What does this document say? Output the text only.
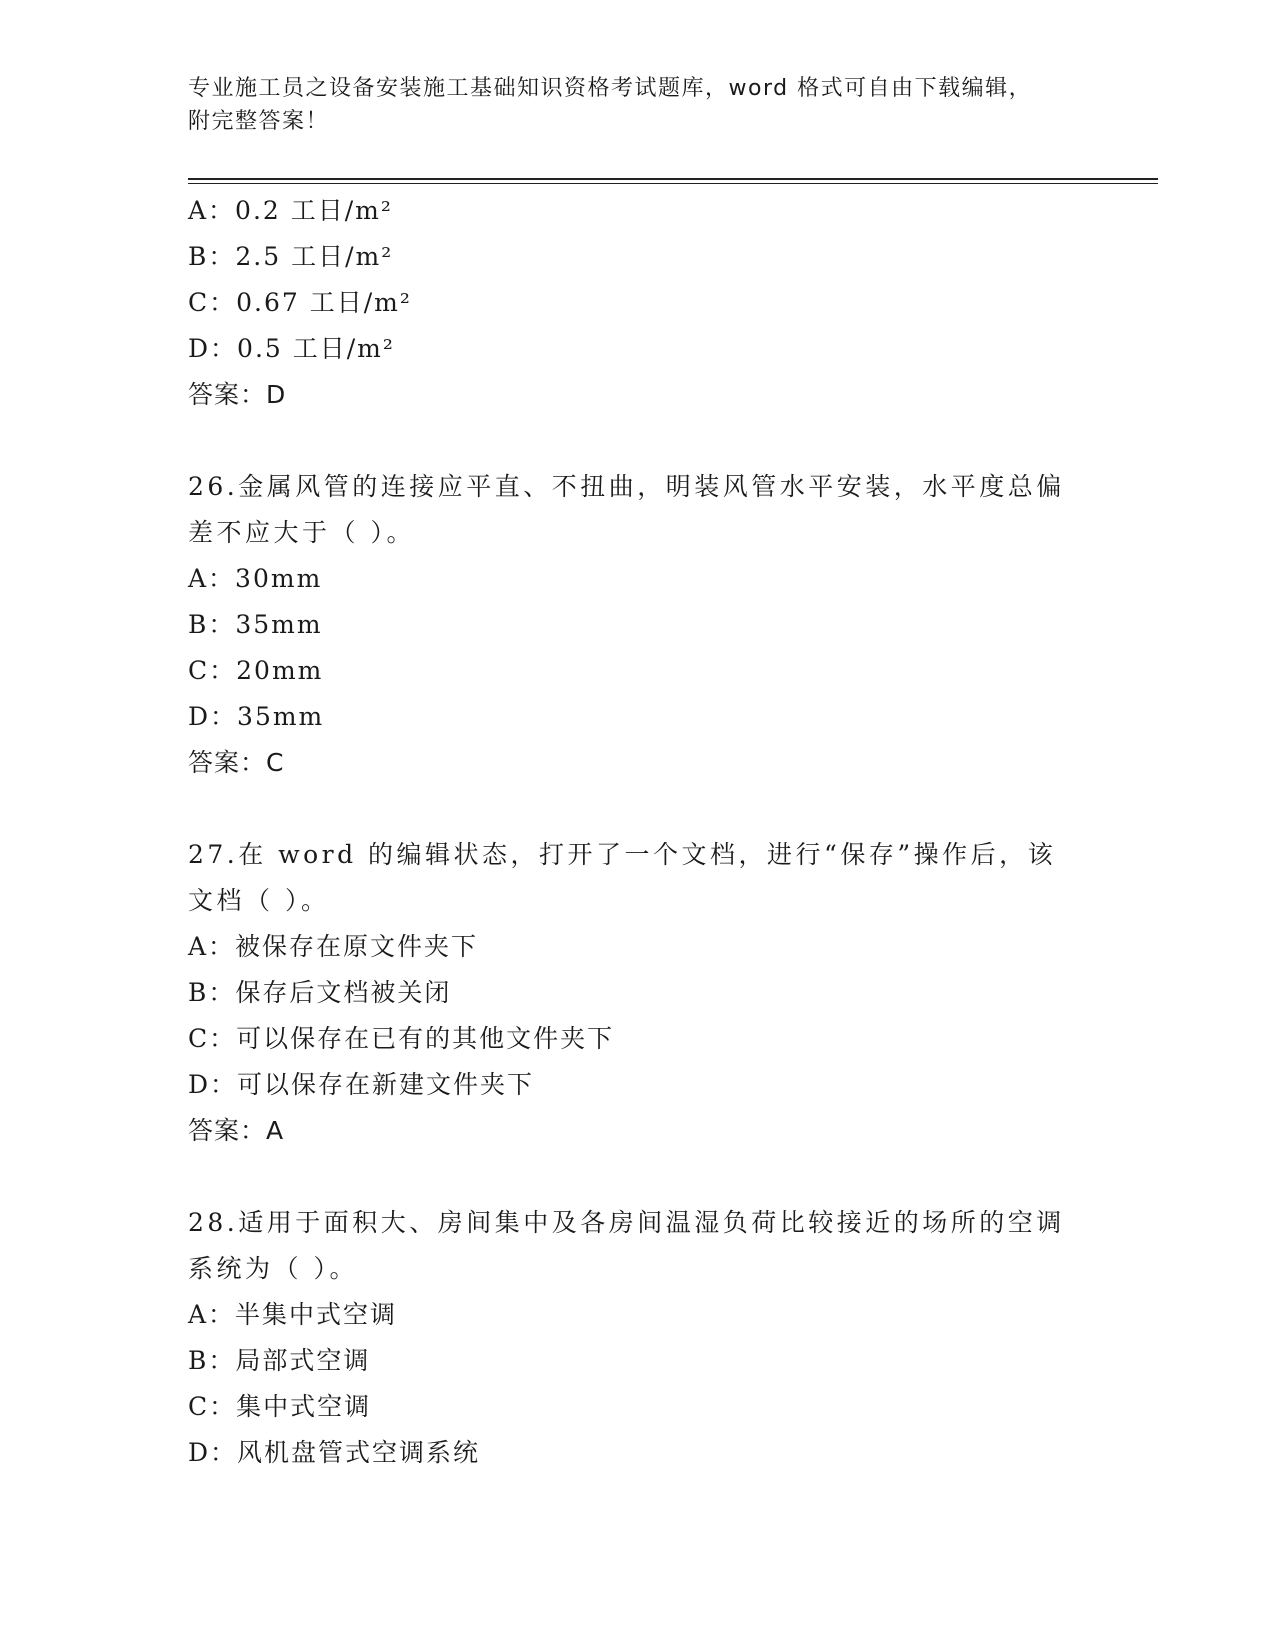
专业施工员之设备安装施工基础知识资格考试题库，word 格式可自由下载编辑，
附完整答案！
A：0.2 工日/m²
B：2.5 工日/m²
C：0.67 工日/m²
D：0.5 工日/m²
答案：D
26.金属风管的连接应平直、不扭曲，明装风管水平安装，水平度总偏
差不应大于（ ）。
A：30mm
B：35mm
C：20mm
D：35mm
答案：C
27.在 word 的编辑状态，打开了一个文档，进行“保存”操作后，该
文档（ ）。
A：被保存在原文件夹下
B：保存后文档被关闭
C：可以保存在已有的其他文件夹下
D：可以保存在新建文件夹下
答案：A
28.适用于面积大、房间集中及各房间温湿负荷比较接近的场所的空调
系统为（ ）。
A：半集中式空调
B：局部式空调
C：集中式空调
D：风机盘管式空调系统
